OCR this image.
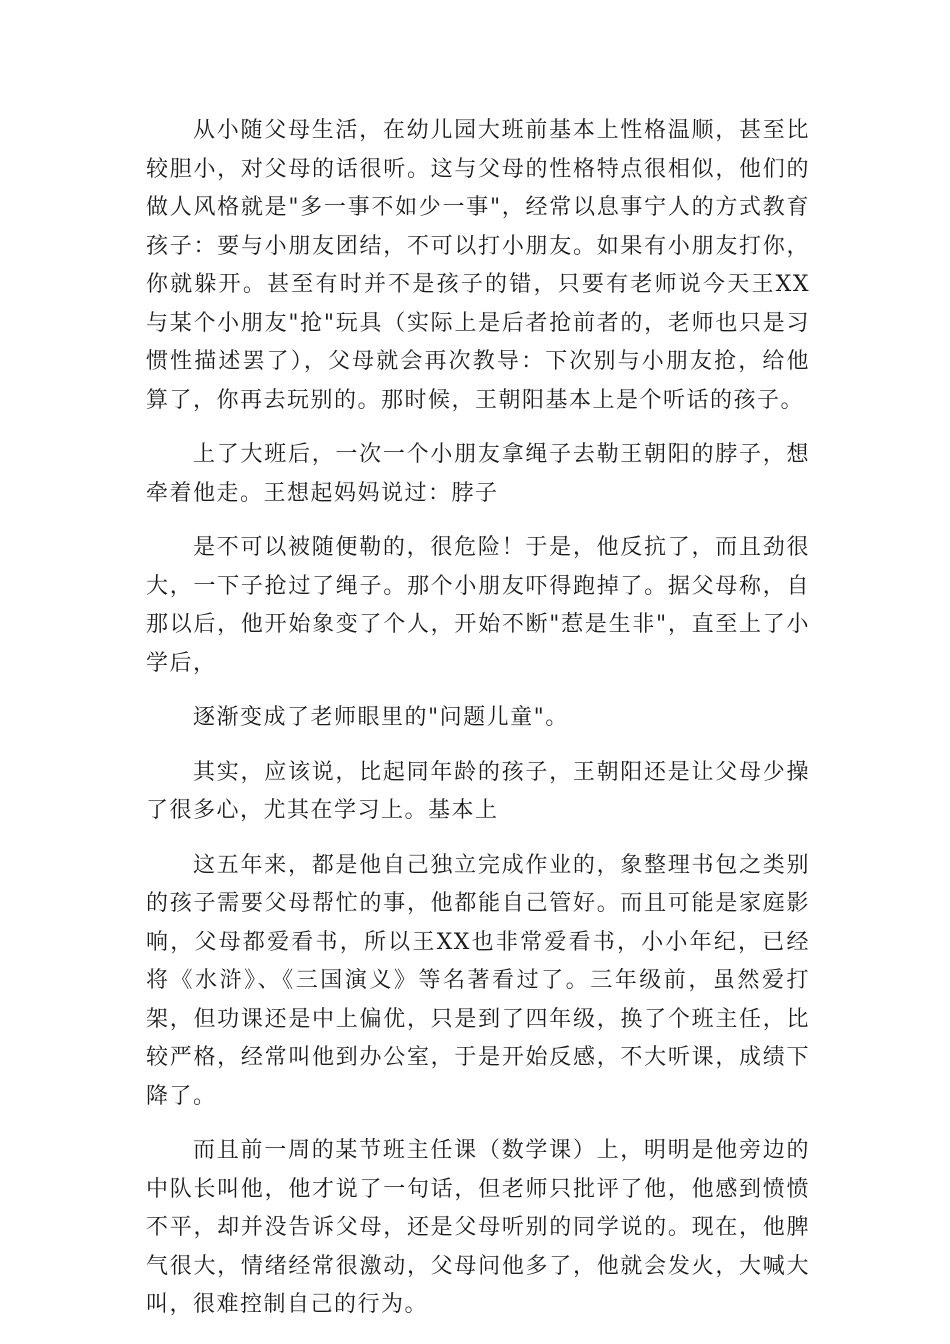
从小随父母生活，在幼儿园大班前基本上性格温顺，甚至比较胆小，对父母的话很听。这与父母的性格特点很相似，他们的做人风格就是"多一事不如少一事"，经常以息事宁人的方式教育孩子：要与小朋友团结，不可以打小朋友。如果有小朋友打你，你就躲开。甚至有时并不是孩子的错，只要有老师说今天王XX与某个小朋友"抢"玩具（实际上是后者抢前者的，老师也只是习惯性描述罢了），父母就会再次教导：下次别与小朋友抢，给他算了，你再去玩别的。那时候，王朝阳基本上是个听话的孩子。

上了大班后，一次一个小朋友拿绳子去勒王朝阳的脖子，想牵着他走。王想起妈妈说过：脖子

是不可以被随便勒的，很危险！于是，他反抗了，而且劲很大，一下子抢过了绳子。那个小朋友吓得跑掉了。据父母称，自那以后，他开始象变了个人，开始不断"惹是生非"，直至上了小学后，

逐渐变成了老师眼里的"问题儿童"。

其实，应该说，比起同年龄的孩子，王朝阳还是让父母少操了很多心，尤其在学习上。基本上

这五年来，都是他自己独立完成作业的，象整理书包之类别的孩子需要父母帮忙的事，他都能自己管好。而且可能是家庭影响，父母都爱看书，所以王XX也非常爱看书，小小年纪，已经将《水浒》、《三国演义》等名著看过了。三年级前，虽然爱打架，但功课还是中上偏优，只是到了四年级，换了个班主任，比较严格，经常叫他到办公室，于是开始反感，不大听课，成绩下降了。

而且前一周的某节班主任课（数学课）上，明明是他旁边的中队长叫他，他才说了一句话，但老师只批评了他，他感到愤愤不平，却并没告诉父母，还是父母听别的同学说的。现在，他脾气很大，情绪经常很激动，父母问他多了，他就会发火，大喊大叫，很难控制自己的行为。
